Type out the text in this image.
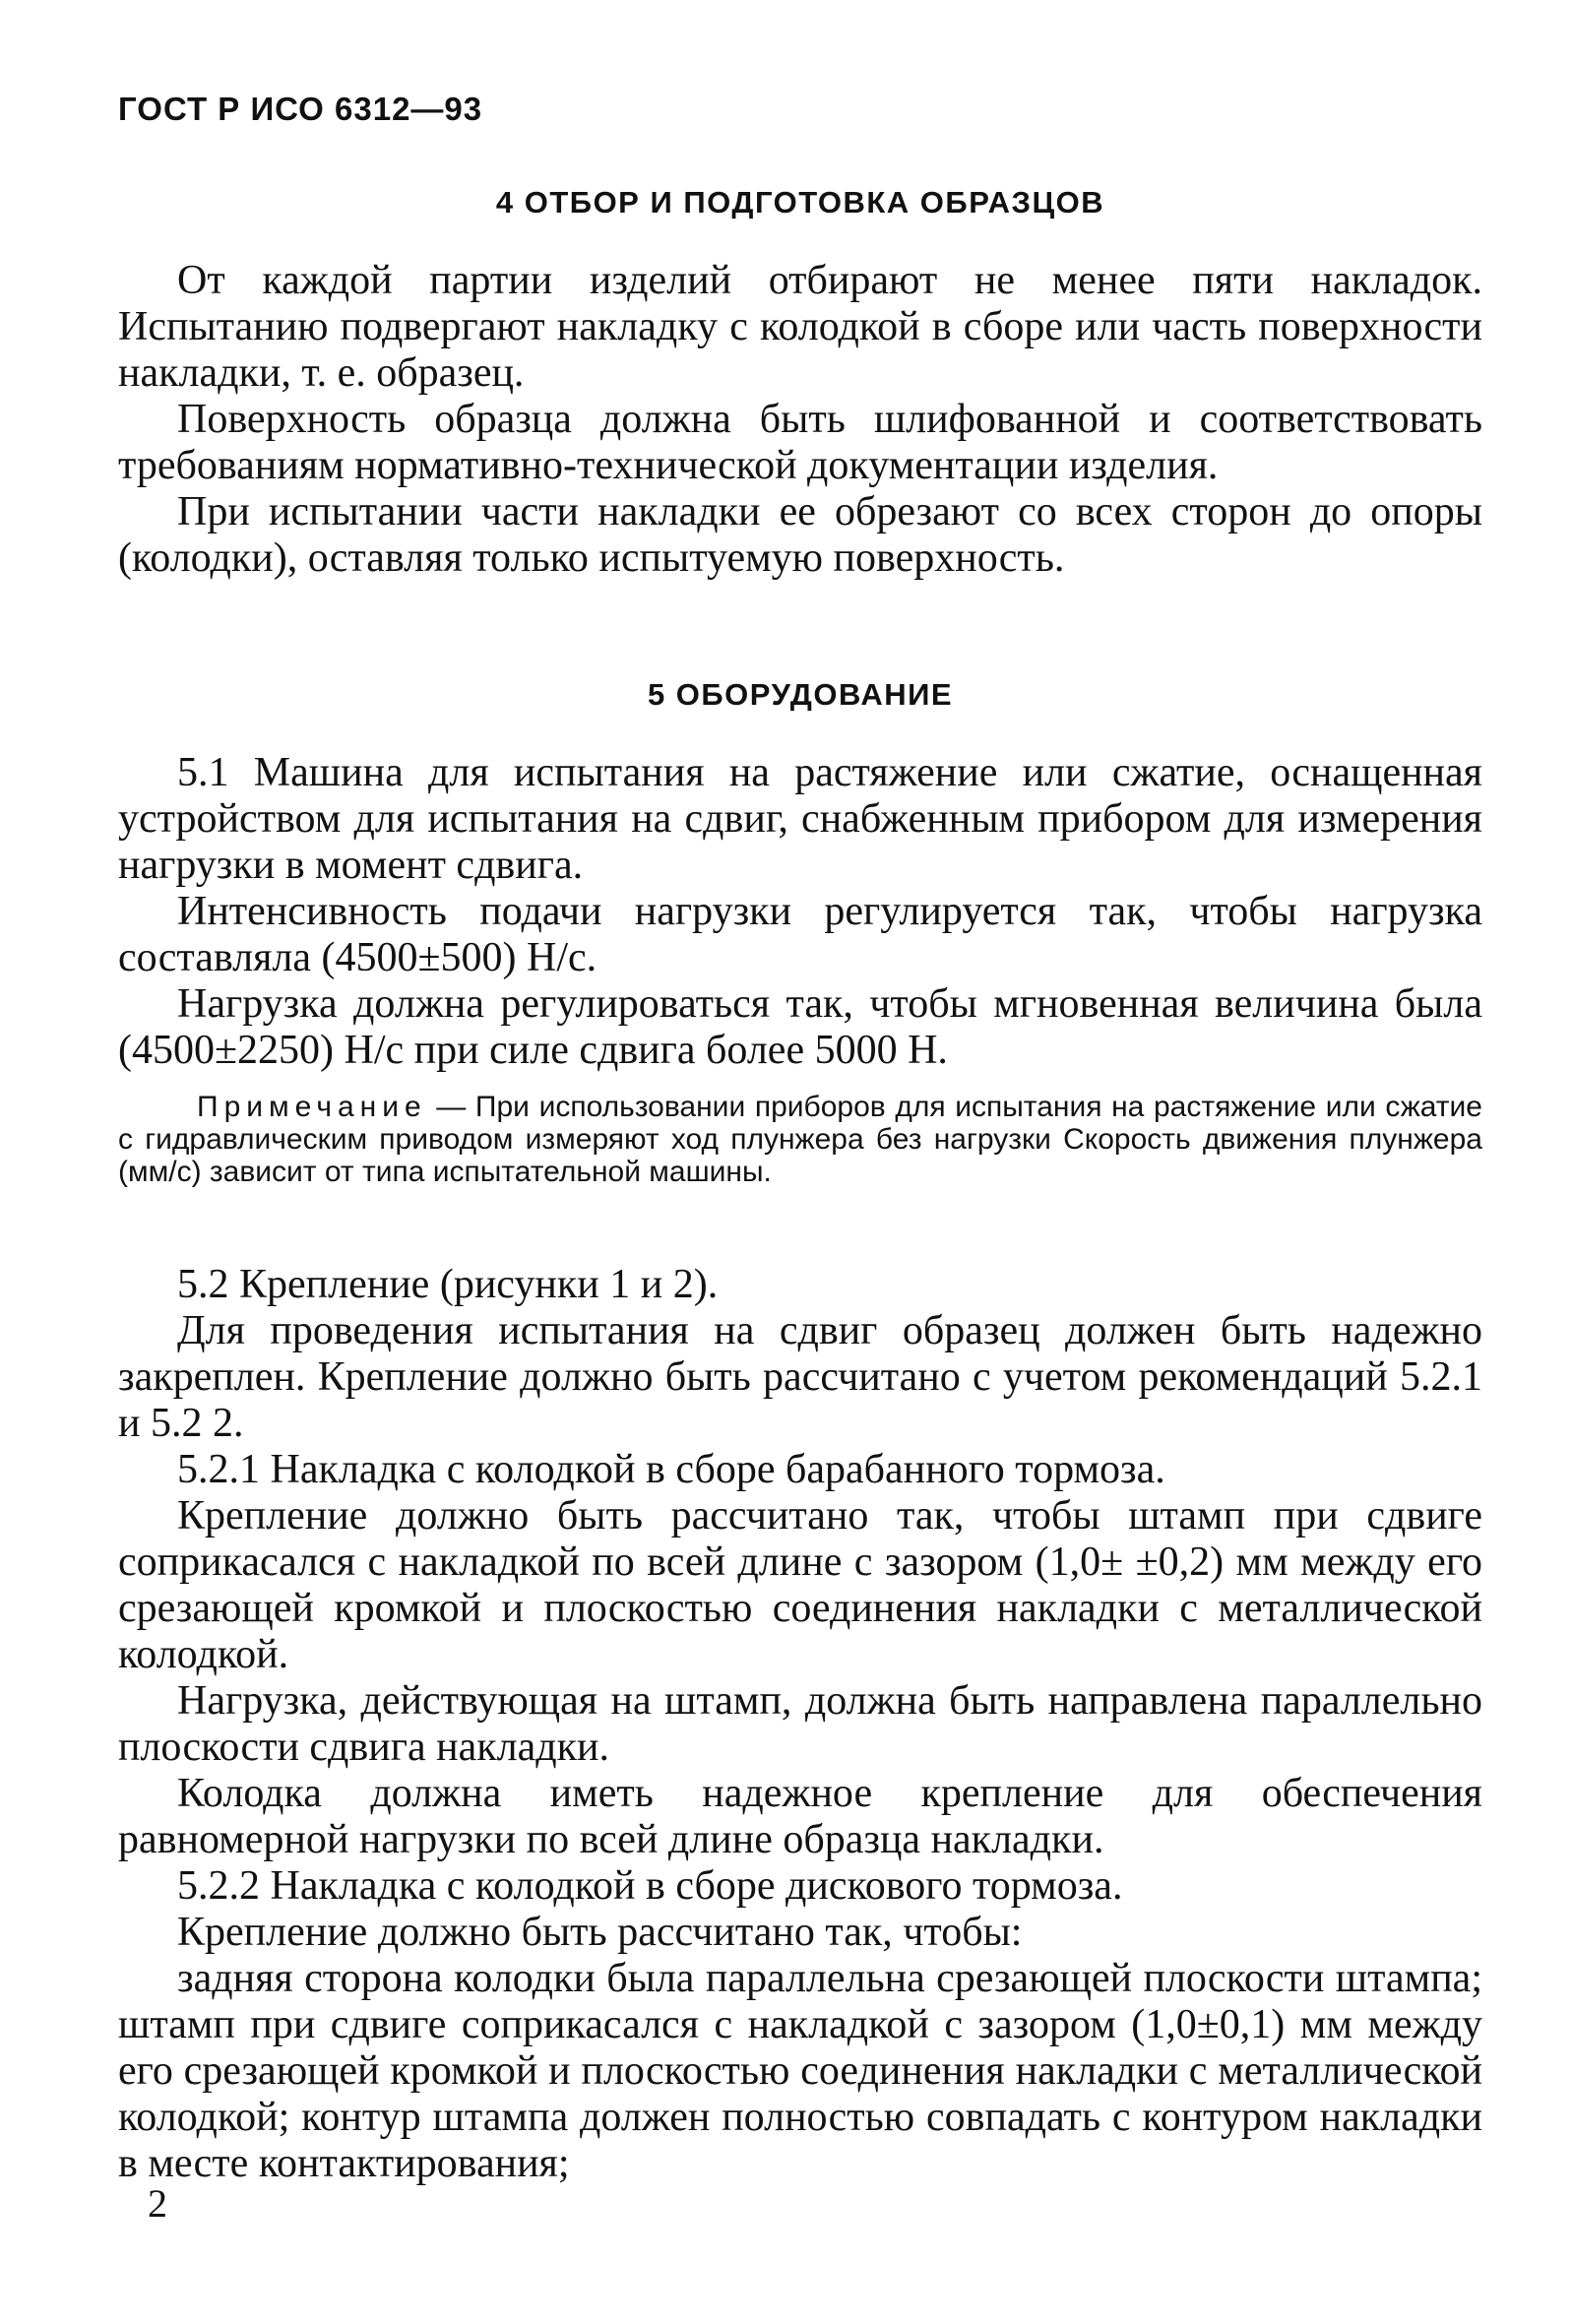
ГОСТ Р ИСО 6312—93
4 ОТБОР И ПОДГОТОВКА ОБРАЗЦОВ

От каждой партии изделий отбирают не менее пяти накладок. Испытанию подвергают накладку с колодкой в сборе или часть поверхности накладки, т. е. образец.

Поверхность образца должна быть шлифованной и соответствовать требованиям нормативно-технической документации изделия.

При испытании части накладки ее обрезают со всех сторон до опоры (колодки), оставляя только испытуемую поверхность.

5 ОБОРУДОВАНИЕ

5.1 Машина для испытания на растяжение или сжатие, оснащенная устройством для испытания на сдвиг, снабженным прибором для измерения нагрузки в момент сдвига.

Интенсивность подачи нагрузки регулируется так, чтобы нагрузка составляла (4500±500) Н/с.

Нагрузка должна регулироваться так, чтобы мгновенная величина была (4500±2250) Н/с при силе сдвига более 5000 Н.

Примечание — При использовании приборов для испытания на растяжение или сжатие с гидравлическим приводом измеряют ход плунжера без нагрузки Скорость движения плунжера (мм/с) зависит от типа испытательной машины.

5.2 Крепление (рисунки 1 и 2).

Для проведения испытания на сдвиг образец должен быть надежно закреплен. Крепление должно быть рассчитано с учетом рекомендаций 5.2.1 и 5.2 2.

5.2.1 Накладка с колодкой в сборе барабанного тормоза.

Крепление должно быть рассчитано так, чтобы штамп при сдвиге соприкасался с накладкой по всей длине с зазором (1,0± ±0,2) мм между его срезающей кромкой и плоскостью соединения накладки с металлической колодкой.

Нагрузка, действующая на штамп, должна быть направлена параллельно плоскости сдвига накладки.

Колодка должна иметь надежное крепление для обеспечения равномерной нагрузки по всей длине образца накладки.

5.2.2 Накладка с колодкой в сборе дискового тормоза.

Крепление должно быть рассчитано так, чтобы:

задняя сторона колодки была параллельна срезающей плоскости штампа; штамп при сдвиге соприкасался с накладкой с зазором (1,0±0,1) мм между его срезающей кромкой и плоскостью соединения накладки с металлической колодкой; контур штампа должен полностью совпадать с контуром накладки в месте контактирования;

2
